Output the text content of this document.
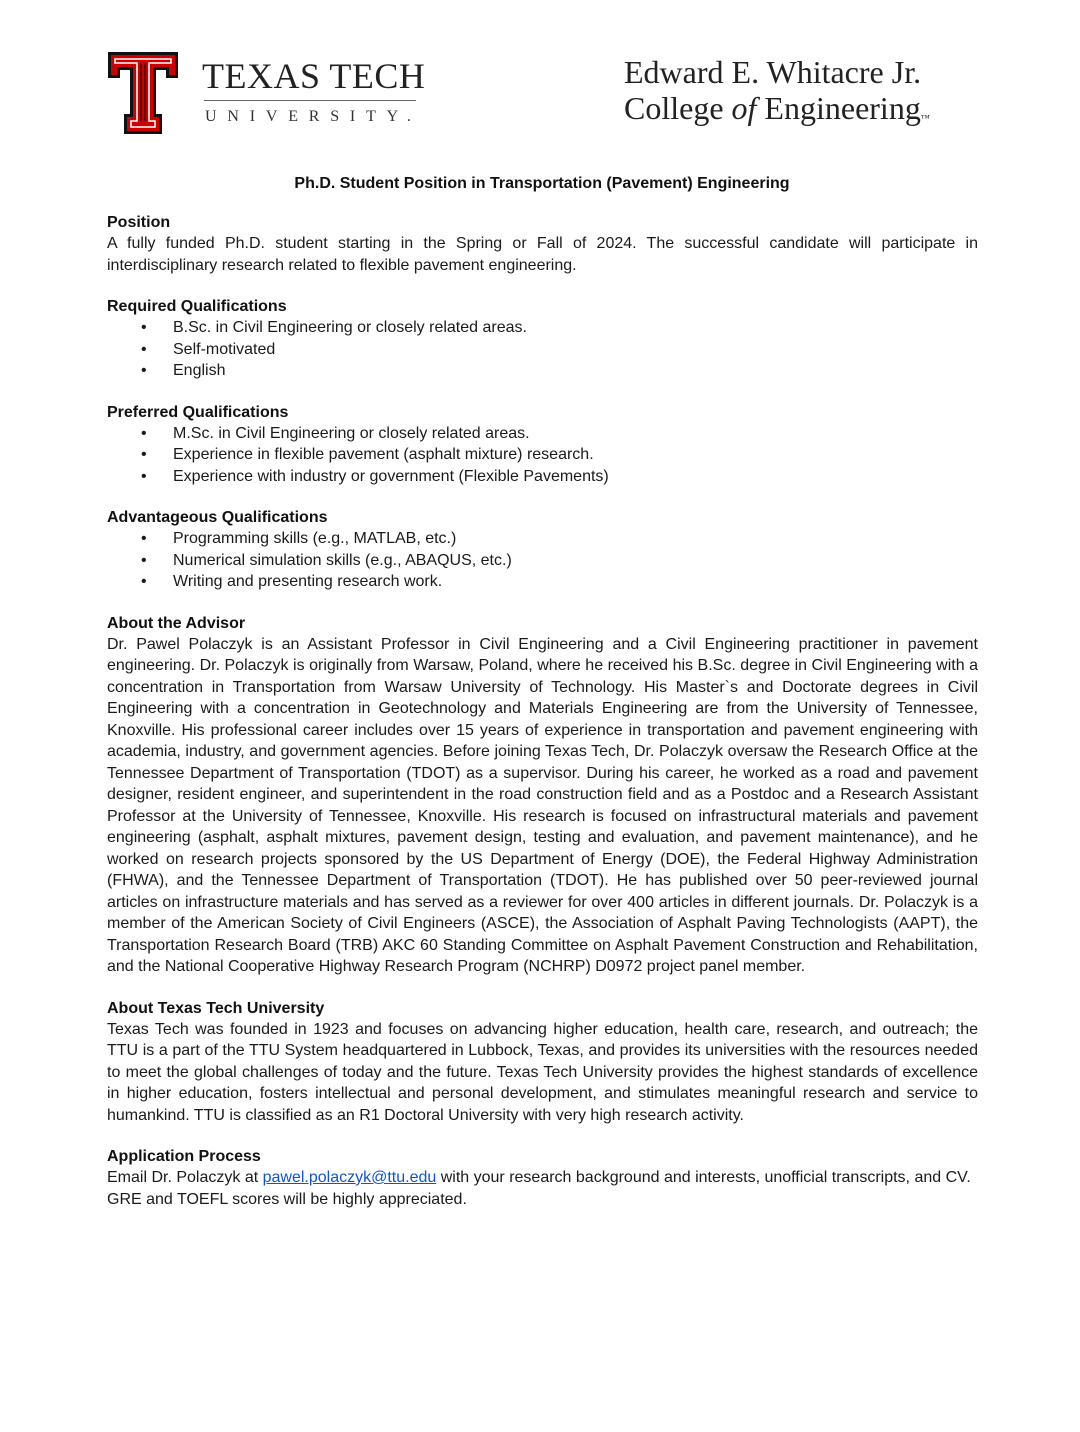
TEXAS TECH
UNIVERSITY.
Edward E. Whitacre Jr.
College of Engineering™
Ph.D. Student Position in Transportation (Pavement) Engineering

Position

A fully funded Ph.D. student starting in the Spring or Fall of 2024. The successful candidate will participate in interdisciplinary research related to flexible pavement engineering.

Required Qualifications

• B.Sc. in Civil Engineering or closely related areas.
• Self-motivated
• English

Preferred Qualifications

• M.Sc. in Civil Engineering or closely related areas.
• Experience in flexible pavement (asphalt mixture) research.
• Experience with industry or government (Flexible Pavements)

Advantageous Qualifications

• Programming skills (e.g., MATLAB, etc.)
• Numerical simulation skills (e.g., ABAQUS, etc.)
• Writing and presenting research work.

About the Advisor

Dr. Pawel Polaczyk is an Assistant Professor in Civil Engineering and a Civil Engineering practitioner in pavement engineering. Dr. Polaczyk is originally from Warsaw, Poland, where he received his B.Sc. degree in Civil Engineering with a concentration in Transportation from Warsaw University of Technology. His Master`s and Doctorate degrees in Civil Engineering with a concentration in Geotechnology and Materials Engineering are from the University of Tennessee, Knoxville. His professional career includes over 15 years of experience in transportation and pavement engineering with academia, industry, and government agencies. Before joining Texas Tech, Dr. Polaczyk oversaw the Research Office at the Tennessee Department of Transportation (TDOT) as a supervisor. During his career, he worked as a road and pavement designer, resident engineer, and superintendent in the road construction field and as a Postdoc and a Research Assistant Professor at the University of Tennessee, Knoxville. His research is focused on infrastructural materials and pavement engineering (asphalt, asphalt mixtures, pavement design, testing and evaluation, and pavement maintenance), and he worked on research projects sponsored by the US Department of Energy (DOE), the Federal Highway Administration (FHWA), and the Tennessee Department of Transportation (TDOT). He has published over 50 peer-reviewed journal articles on infrastructure materials and has served as a reviewer for over 400 articles in different journals. Dr. Polaczyk is a member of the American Society of Civil Engineers (ASCE), the Association of Asphalt Paving Technologists (AAPT), the Transportation Research Board (TRB) AKC 60 Standing Committee on Asphalt Pavement Construction and Rehabilitation, and the National Cooperative Highway Research Program (NCHRP) D0972 project panel member.

About Texas Tech University

Texas Tech was founded in 1923 and focuses on advancing higher education, health care, research, and outreach; the TTU is a part of the TTU System headquartered in Lubbock, Texas, and provides its universities with the resources needed to meet the global challenges of today and the future. Texas Tech University provides the highest standards of excellence in higher education, fosters intellectual and personal development, and stimulates meaningful research and service to humankind. TTU is classified as an R1 Doctoral University with very high research activity.

Application Process

Email Dr. Polaczyk at pawel.polaczyk@ttu.edu with your research background and interests, unofficial transcripts, and CV. GRE and TOEFL scores will be highly appreciated.
